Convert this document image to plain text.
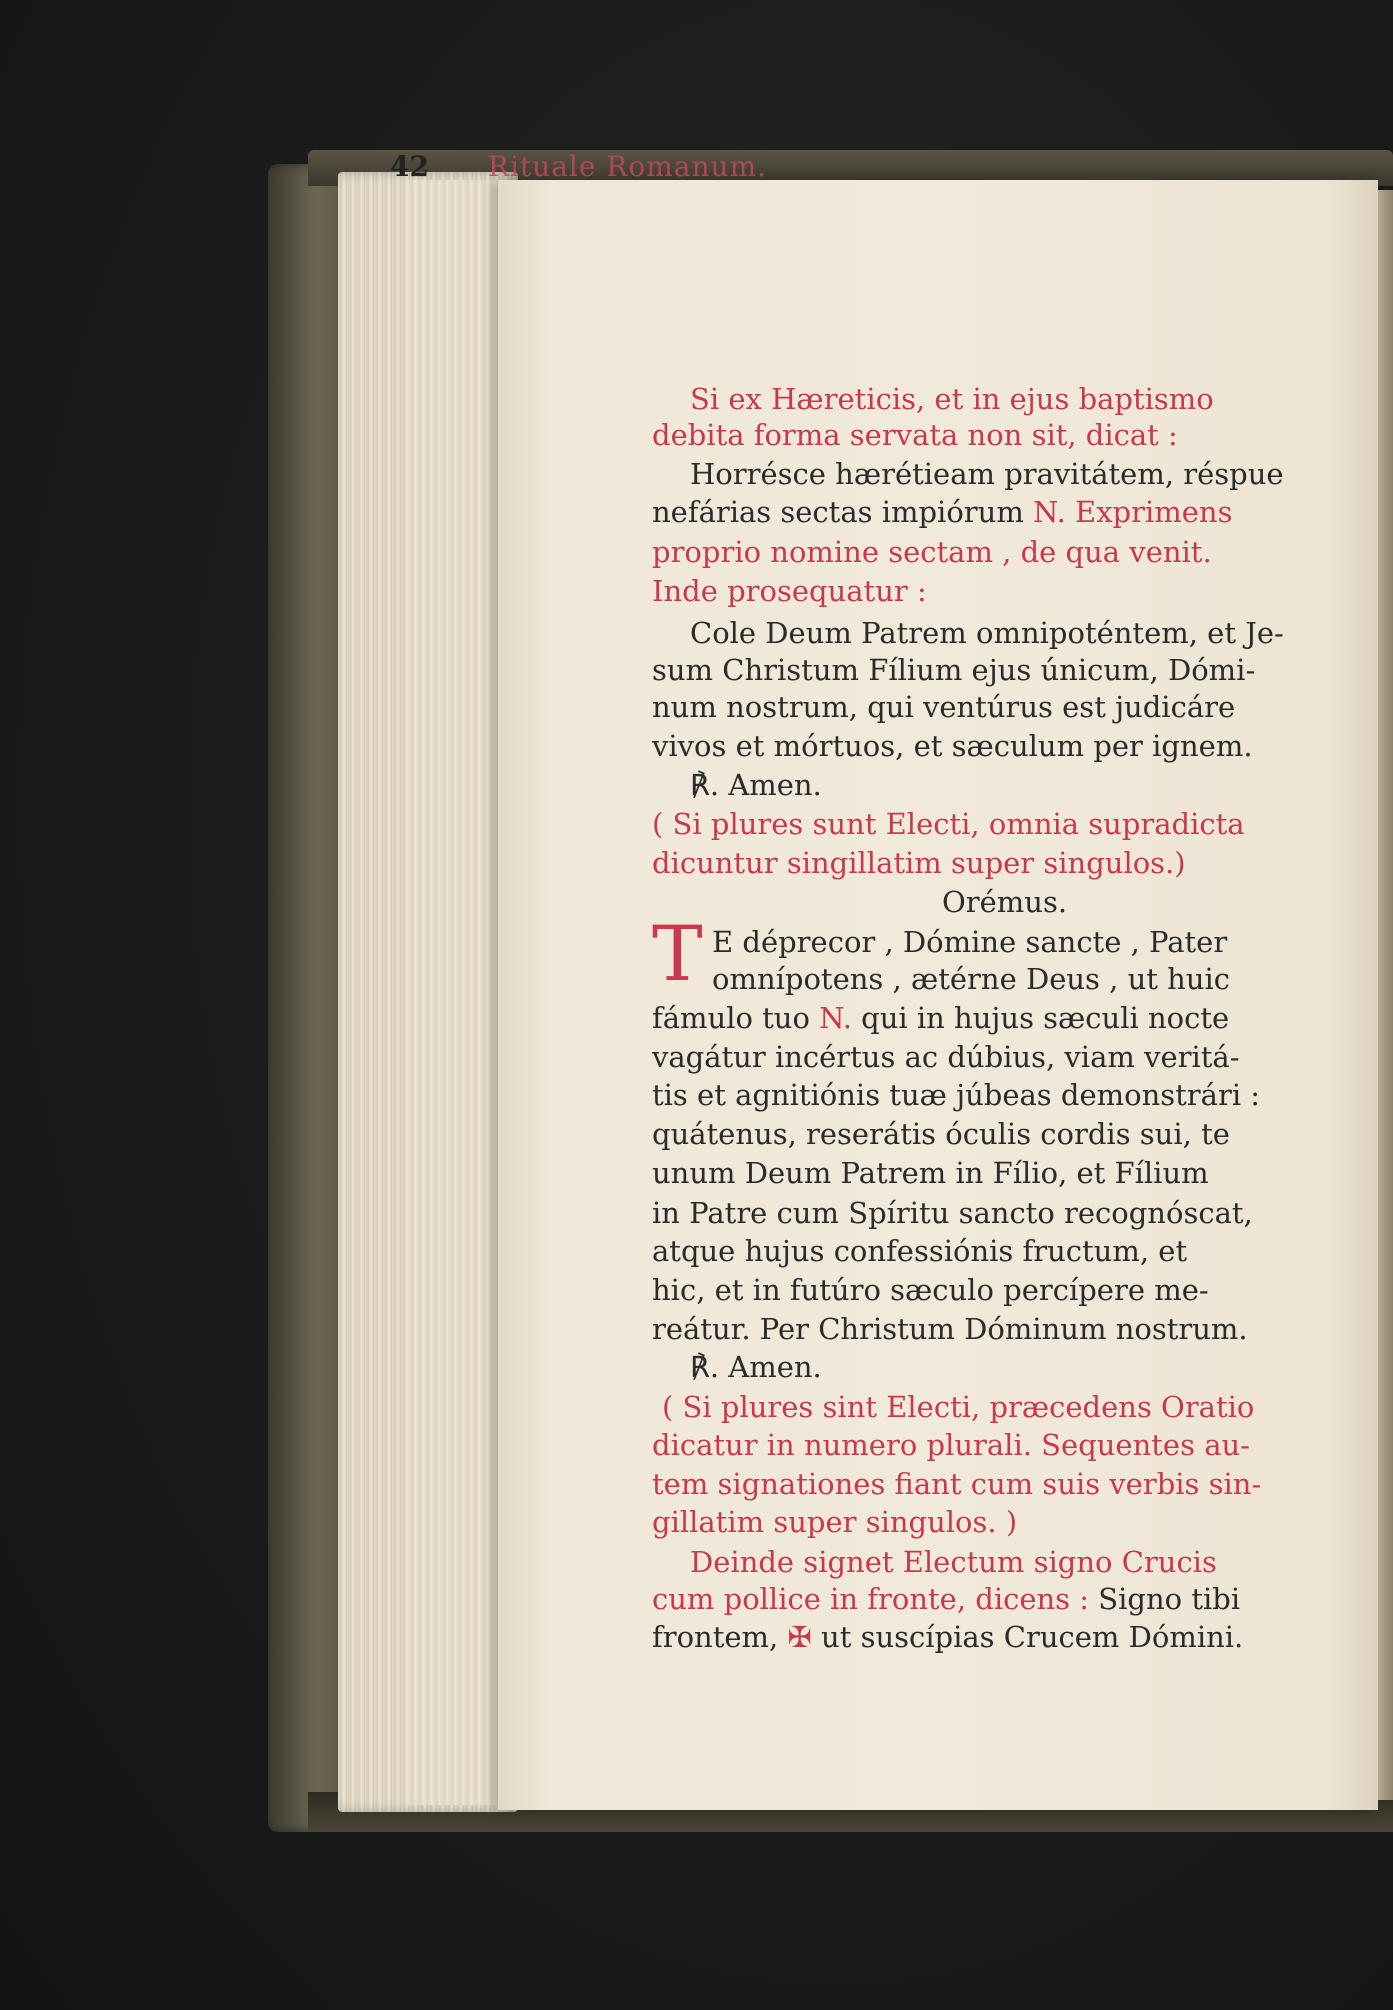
42 Rituale Romanum.
T
Si ex Hæreticis, et in ejus baptismo
debita forma servata non sit, dicat :
Horrésce hærétieam pravitátem, réspue
nefárias sectas impiórum N. Exprimens
proprio nomine sectam , de qua venit.
Inde prosequatur :
Cole Deum Patrem omnipoténtem, et Je-
sum Christum Fílium ejus únicum, Dómi-
num nostrum, qui ventúrus est judicáre
vivos et mórtuos, et sæculum per ignem.
℟. Amen.
( Si plures sunt Electi, omnia supradicta
dicuntur singillatim super singulos.)
Orémus.
E déprecor , Dómine sancte , Pater
omnípotens , ætérne Deus , ut huic
fámulo tuo N. qui in hujus sæculi nocte
vagátur incértus ac dúbius, viam veritá-
tis et agnitiónis tuæ júbeas demonstrári :
quátenus, reserátis óculis cordis sui, te
unum Deum Patrem in Fílio, et Fílium
in Patre cum Spíritu sancto recognóscat,
atque hujus confessiónis fructum, et
hic, et in futúro sæculo percípere me-
reátur. Per Christum Dóminum nostrum.
℟. Amen.
( Si plures sint Electi, præcedens Oratio
dicatur in numero plurali. Sequentes au-
tem signationes fiant cum suis verbis sin-
gillatim super singulos. )
Deinde signet Electum signo Crucis
cum pollice in fronte, dicens : Signo tibi
frontem, ✠ ut suscípias Crucem Dómini.
